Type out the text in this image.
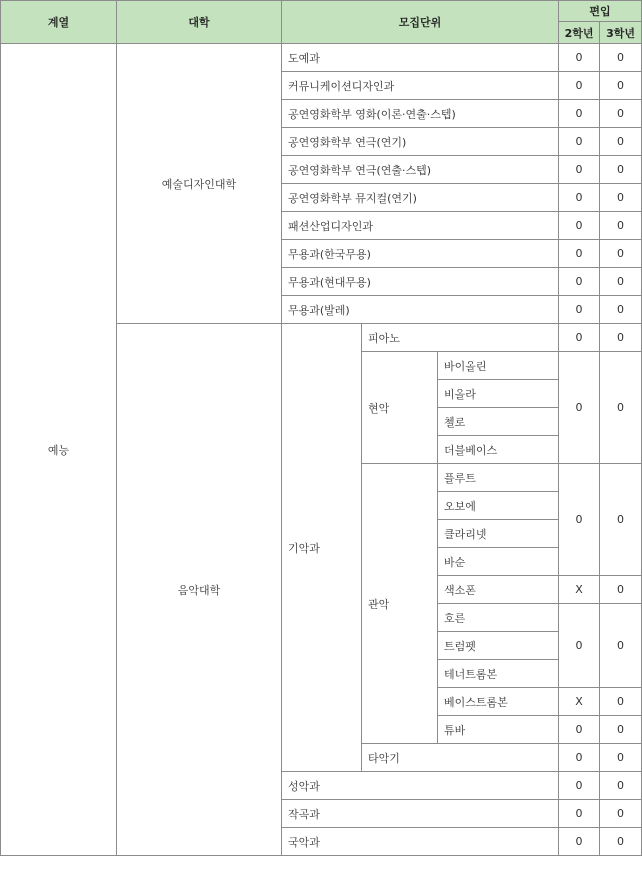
계열	대학	모집단위			편입	
					2학년	3학년
예능	예술디자인대학	도예과			0	0
		커뮤니케이션디자인과			0	0
		공연영화학부 영화(이론·연출·스텝)			0	0
		공연영화학부 연극(연기)			0	0
		공연영화학부 연극(연출·스텝)			0	0
		공연영화학부 뮤지컬(연기)			0	0
		패션산업디자인과			0	0
		무용과(한국무용)			0	0
		무용과(현대무용)			0	0
		무용과(발레)			0	0
	음악대학	기악과	피아노		0	0
			현악	바이올린	0	0
				비올라		
				첼로		
				더블베이스		
			관악	플루트	0	0
				오보에		
				클라리넷		
				바순		
				색소폰	X	0
				호른	0	0
				트럼펫		
				테너트롬본		
				베이스트롬본	X	0
				튜바	0	0
			타악기		0	0
		성악과			0	0
		작곡과			0	0
		국악과			0	0
